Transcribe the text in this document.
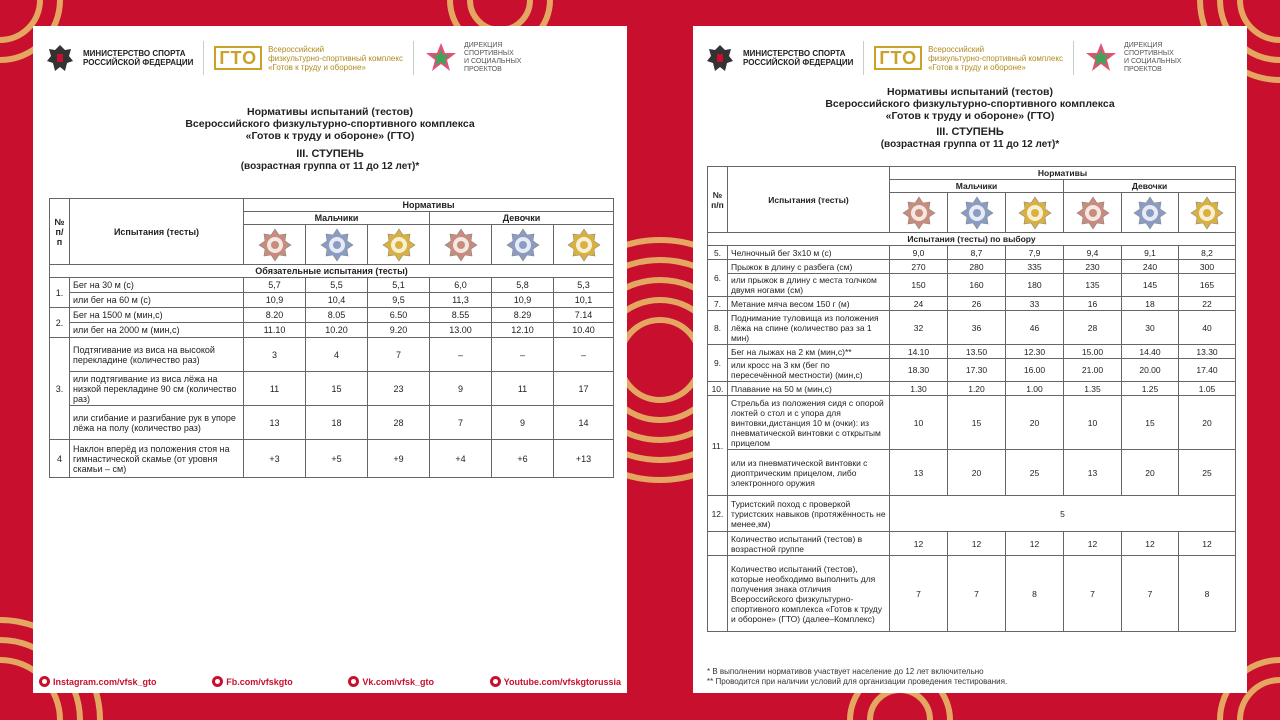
МИНИСТЕРСТВО СПОРТА
РОССИЙСКОЙ ФЕДЕРАЦИИ ГТО	Всероссийский
физкультурно-спортивный комплекс
«Готов к труду и обороне»
ДИРЕКЦИЯ
СПОРТИВНЫХ
И СОЦИАЛЬНЫХ
ПРОЕКТОВ
Нормативы испытаний (тестов)
Всероссийского физкультурно-спортивного комплекса
«Готов к труду и обороне» (ГТО)
III. СТУПЕНЬ
(возрастная группа от 11 до 12 лет)*
№ п/п	Испытания (тесты)	Нормативы					
		Мальчики			Девочки		

Обязательные испытания (тесты)							
1.	Бег на 30 м (с)	5,7	5,5	5,1	6,0	5,8	5,3
	или бег на 60 м (с)	10,9	10,4	9,5	11,3	10,9	10,1
2.	Бег на 1500 м (мин,с)	8.20	8.05	6.50	8.55	8.29	7.14
	или бег на 2000 м (мин,с)	11.10	10.20	9.20	13.00	12.10	10.40
3.	Подтягивание из виса на высокой перекладине (количество раз)	3	4	7	–	–	–
	или подтягивание из виса лёжа на низкой перекладине 90 см (количество раз)	11	15	23	9	11	17
	или сгибание и разгибание рук в упоре лёжа на полу (количество раз)	13	18	28	7	9	14
4	Наклон вперёд из положения стоя на гимнастической скамье (от уровня скамьи – см)	+3	+5	+9	+4	+6	+13
Instagram.com/vfsk_gto	Fb.com/vfskgto	Vk.com/vfsk_gto	Youtube.com/vfskgtorussia
МИНИСТЕРСТВО СПОРТА
РОССИЙСКОЙ ФЕДЕРАЦИИ ГТО	Всероссийский
физкультурно-спортивный комплекс
«Готов к труду и обороне»
ДИРЕКЦИЯ
СПОРТИВНЫХ
И СОЦИАЛЬНЫХ
ПРОЕКТОВ
Нормативы испытаний (тестов)
Всероссийского физкультурно-спортивного комплекса
«Готов к труду и обороне» (ГТО)
III. СТУПЕНЬ
(возрастная группа от 11 до 12 лет)*
№ п/п	Испытания (тесты)	Нормативы					
		Мальчики			Девочки		

Испытания (тесты) по выбору							
5.	Челночный бег 3х10 м (с)	9,0	8,7	7,9	9,4	9,1	8,2
6.	Прыжок в длину с разбега (см)	270	280	335	230	240	300
	или прыжок в длину с места толчком двумя ногами (см)	150	160	180	135	145	165
7.	Метание мяча весом 150 г (м)	24	26	33	16	18	22
8.	Поднимание туловища из положения лёжа на спине (количество раз за 1 мин)	32	36	46	28	30	40
9.	Бег на лыжах на 2 км (мин,с)**	14.10	13.50	12.30	15.00	14.40	13.30
	или кросс на 3 км (бег по пересечённой местности) (мин,с)	18.30	17.30	16.00	21.00	20.00	17.40
10.	Плавание на 50 м (мин,с)	1.30	1.20	1.00	1.35	1.25	1.05
11.	Стрельба из положения сидя с опорой локтей о стол и с упора для винтовки,дистанция 10 м (очки): из пневматической винтовки с открытым прицелом	10	15	20	10	15	20
	или из пневматической винтовки с диоптрическим прицелом, либо электронного оружия	13	20	25	13	20	25
12.	Туристский поход с проверкой туристских навыков (протяжённость не менее,км)	5					
	Количество испытаний (тестов) в возрастной группе	12	12	12	12	12	12
	Количество испытаний (тестов), которые необходимо выполнить для получения знака отличия Всероссийского физкультурно-спортивного комплекса «Готов к труду и обороне» (ГТО) (далее–Комплекс)	7	7	8	7	7	8
* В выполнении нормативов участвует население до 12 лет включительно
** Проводится при наличии условий для организации проведения тестирования.
